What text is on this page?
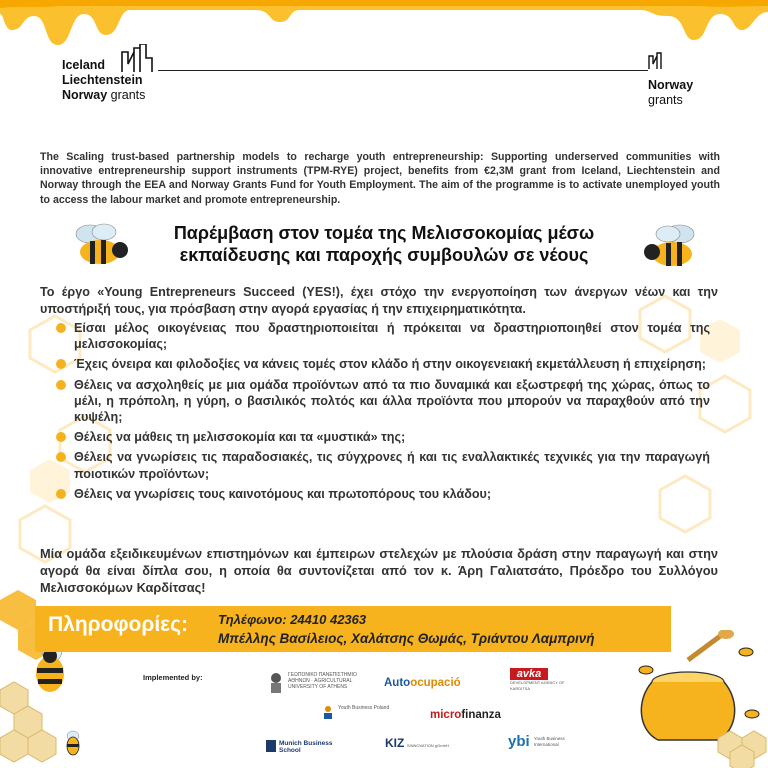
Iceland
Liechtenstein
Norway grants
Norway
grants

The Scaling trust-based partnership models to recharge youth entrepreneurship: Supporting underserved communities with innovative entrepreneurship support instruments (TPM-RYE) project, benefits from €2,3M grant from Iceland, Liechtenstein and Norway through the EEA and Norway Grants Fund for Youth Employment. The aim of the programme is to activate unemployed youth to access the labour market and promote entrepreneurship.

Παρέμβαση στον τομέα της Μελισσοκομίας μέσω
εκπαίδευσης και παροχής συμβουλών σε νέους

Το έργο «Young Entrepreneurs Succeed (YES!), έχει στόχο την ενεργοποίηση των άνεργων νέων και την υποστήριξή τους, για πρόσβαση στην αγορά εργασίας ή την επιχειρηματικότητα.

Είσαι μέλος οικογένειας που δραστηριοποιείται ή πρόκειται να δραστηριοποιηθεί στον τομέα της μελισσοκομίας;
Έχεις όνειρα και φιλοδοξίες να κάνεις τομές στον κλάδο ή στην οικογενειακή εκμετάλλευση ή επιχείρηση;
Θέλεις να ασχοληθείς με μια ομάδα προϊόντων από τα πιο δυναμικά και εξωστρεφή της χώρας, όπως το μέλι, η πρόπολη, η γύρη, ο βασιλικός πολτός και άλλα προϊόντα που μπορούν να παραχθούν από την κυψέλη;
Θέλεις να μάθεις τη μελισσοκομία και τα «μυστικά» της;
Θέλεις να γνωρίσεις τις παραδοσιακές, τις σύγχρονες ή και τις εναλλακτικές τεχνικές για την παραγωγή ποιοτικών προϊόντων;
Θέλεις να γνωρίσεις τους καινοτόμους και πρωτοπόρους του κλάδου;

Μία ομάδα εξειδικευμένων επιστημόνων και έμπειρων στελεχών με πλούσια δράση στην παραγωγή και στην αγορά θα είναι δίπλα σου, η οποία θα συντονίζεται από τον κ. Άρη Γαλιατσάτο, Πρόεδρο του Συλλόγου Μελισσοκόμων Καρδίτσας!

Πληροφορίες: Τηλέφωνο: 24410 42363
Μπέλλης Βασίλειος, Χαλάτσης Θωμάς, Τριάντου Λαμπρινή
Implemented by:	ΓΕΩΠΟΝΙΚΟ ΠΑΝΕΠΙΣΤΗΜΙΟ ΑΘΗΝΩΝ · AGRICULTURAL UNIVERSITY OF ATHENS	Autoocupació
avka
DEVELOPMENT AGENCY OF KARDITSA
Youth Business Poland
microfinanza
Munich Business School
KIZ SINNOVATION gGmbH	ybi Youth Business International
